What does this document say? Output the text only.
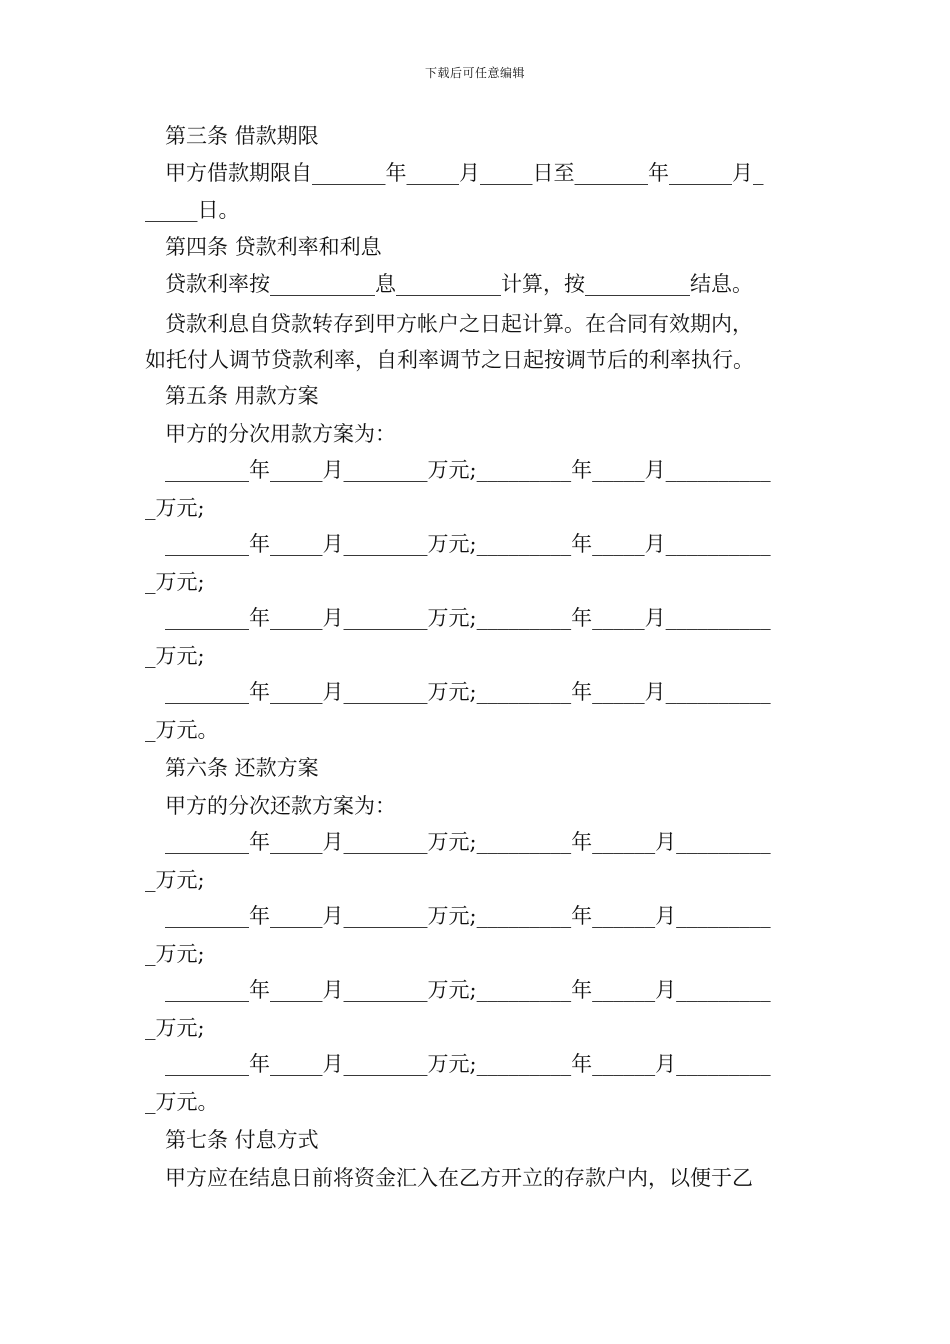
下载后可任意编辑
第三条 借款期限
甲方借款期限自_______年_____月_____日至_______年______月_
_____日。
第四条 贷款利率和利息
贷款利率按__________息__________计算，按__________结息。
贷款利息自贷款转存到甲方帐户之日起计算。在合同有效期内，
如托付人调节贷款利率，自利率调节之日起按调节后的利率执行。
第五条 用款方案
甲方的分次用款方案为：
________年_____月________万元;_________年_____月__________
_万元;
________年_____月________万元;_________年_____月__________
_万元;
________年_____月________万元;_________年_____月__________
_万元;
________年_____月________万元;_________年_____月__________
_万元。
第六条 还款方案
甲方的分次还款方案为：
________年_____月________万元;_________年______月_________
_万元;
________年_____月________万元;_________年______月_________
_万元;
________年_____月________万元;_________年______月_________
_万元;
________年_____月________万元;_________年______月_________
_万元。
第七条 付息方式
甲方应在结息日前将资金汇入在乙方开立的存款户内，以便于乙
